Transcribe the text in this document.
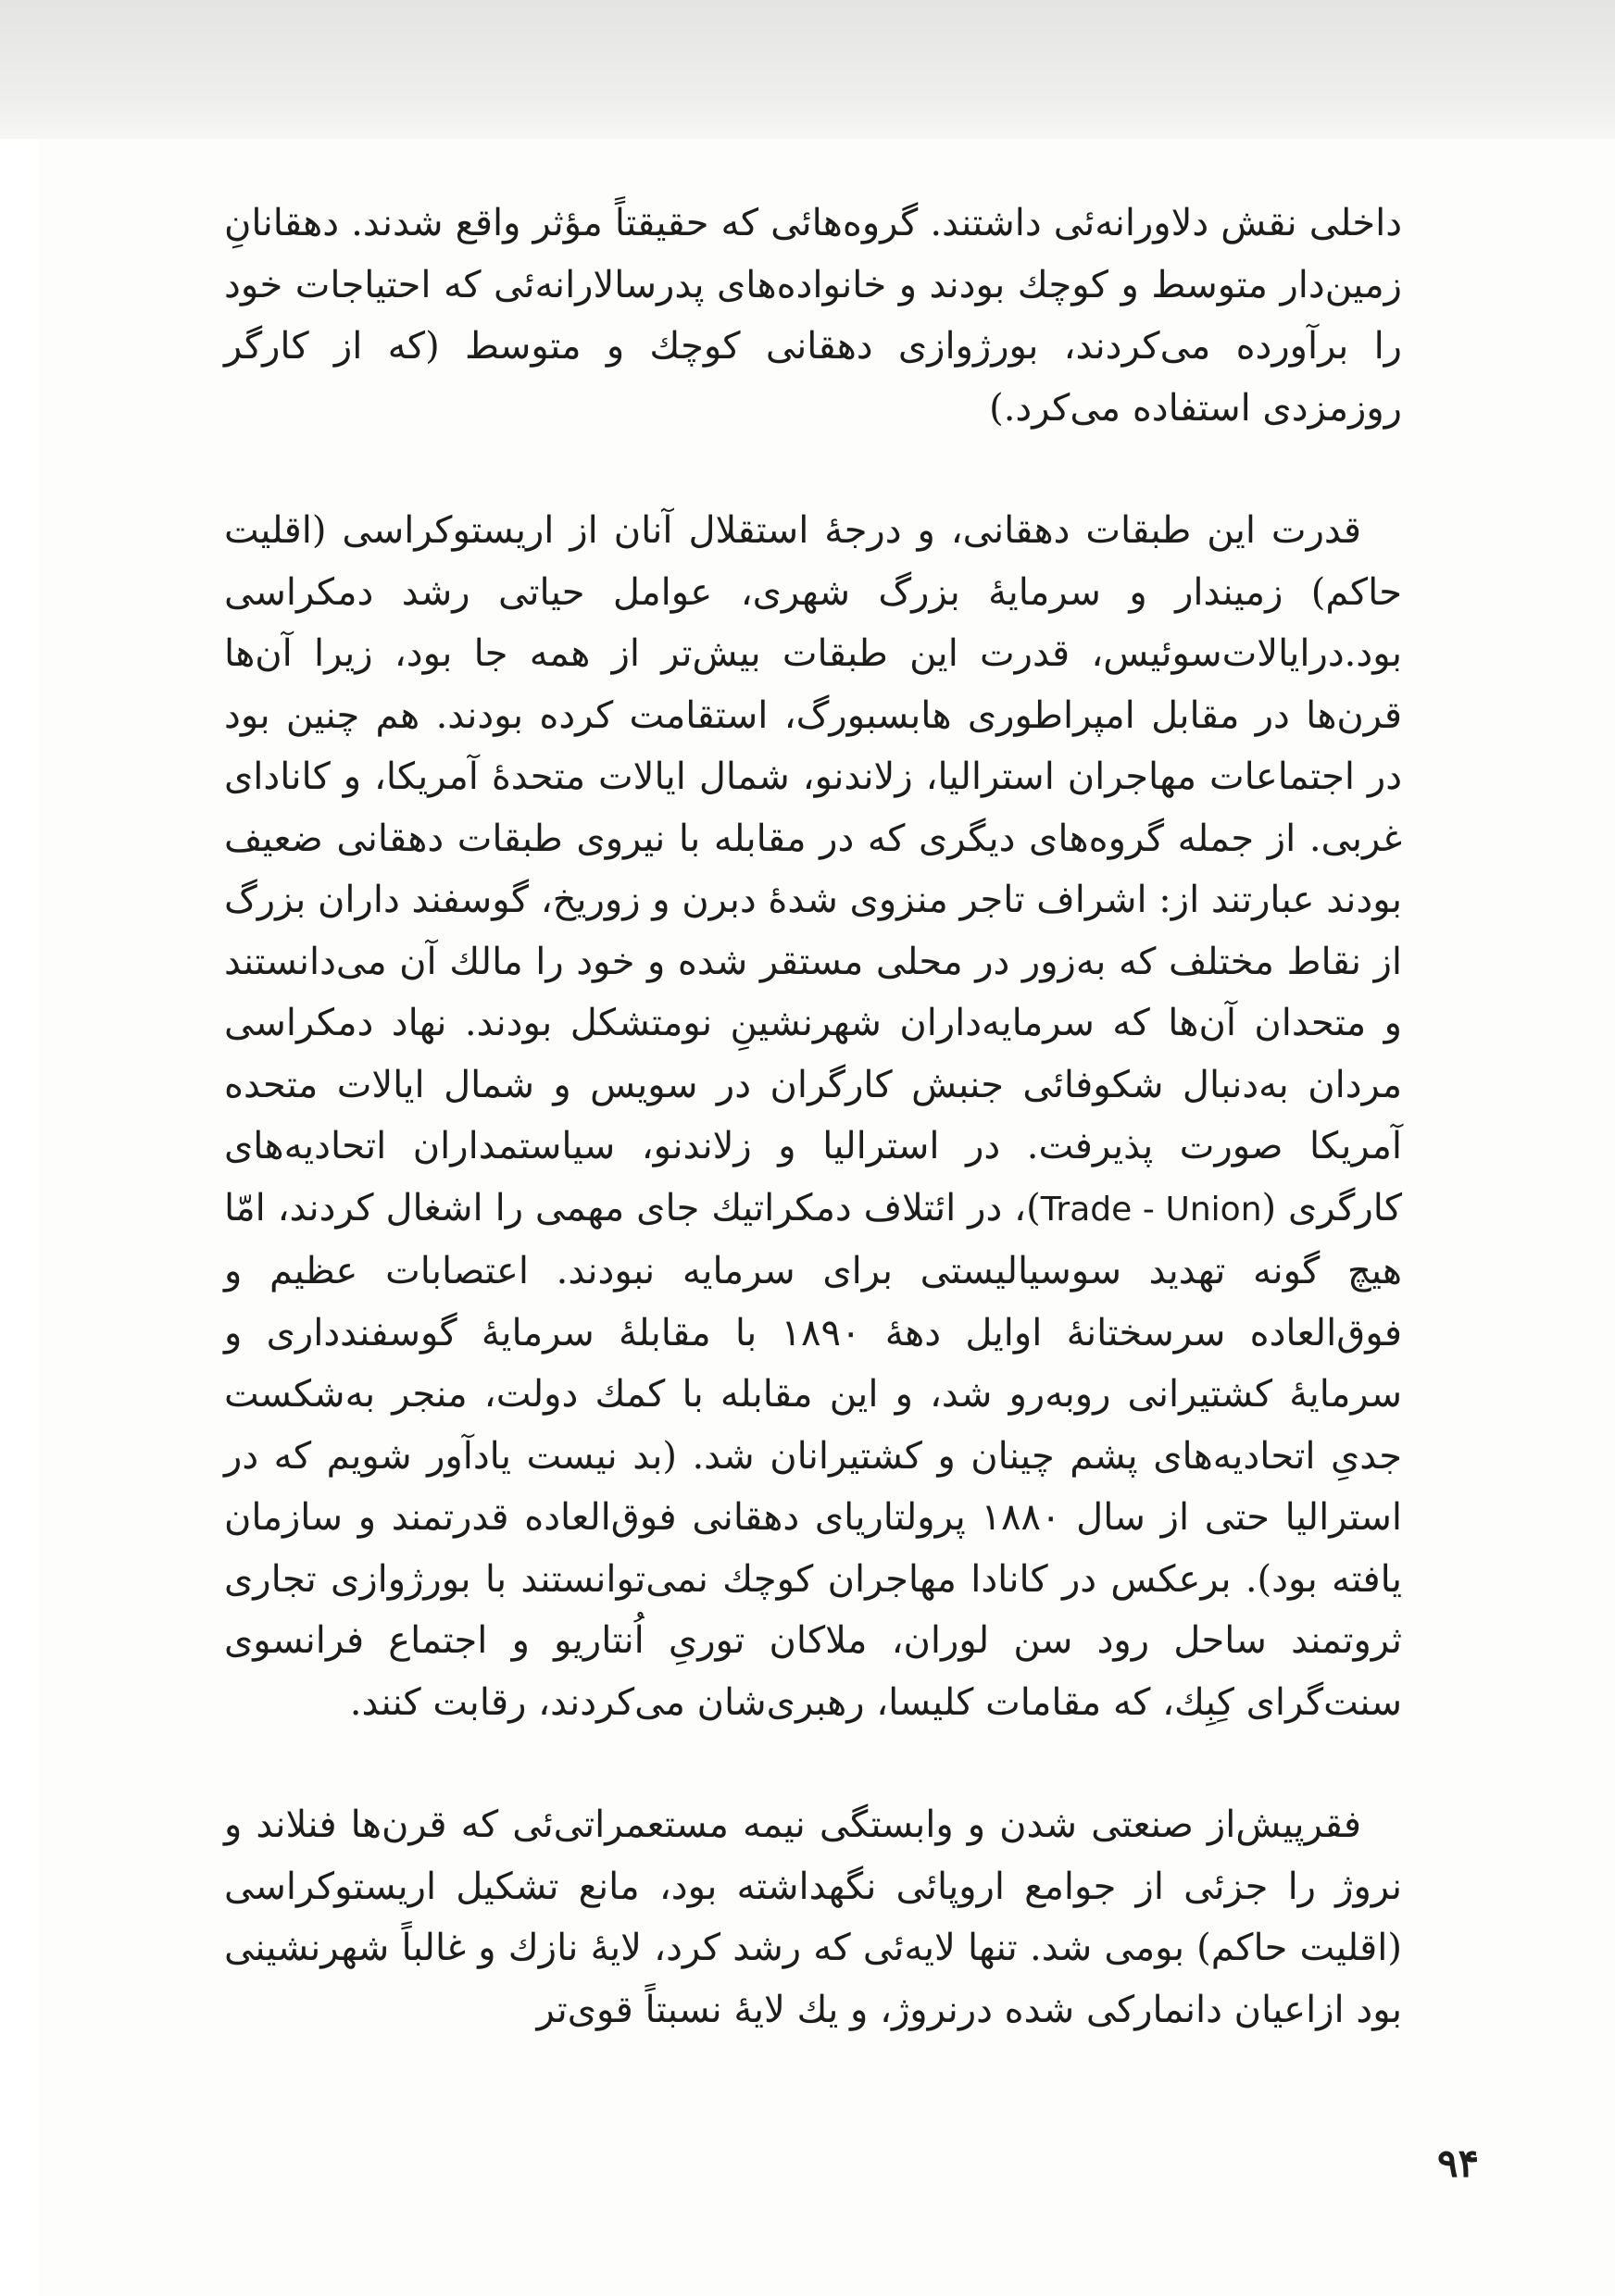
داخلی نقش دلاورانه‌ئی داشتند. گروه‌هائی که حقیقتاً مؤثر واقع شدند. دهقانانِ زمین‌دار متوسط و کوچك بودند و خانواده‌های پدرسالارانه‌ئی که احتیاجات خود را برآورده می‌کردند، بورژوازی دهقانی کوچك و متوسط (که از کارگر روزمزدی استفاده می‌کرد.)

قدرت این طبقات دهقانی، و درجهٔ استقلال آنان از اریستوکراسی (اقلیت حاکم) زمیندار و سرمایهٔ بزرگ شهری، عوامل حیاتی رشد دمکراسی بود.درایالات‌سوئیس، قدرت این طبقات بیش‌تر از همه جا بود، زیرا آن‌ها قرن‌ها در مقابل امپراطوری هابسبورگ، استقامت کرده بودند. هم چنین بود در اجتماعات مهاجران استرالیا، زلاندنو، شمال ایالات متحدهٔ آمریکا، و کانادای غربی. از جمله گروه‌های دیگری که در مقابله با نیروی طبقات دهقانی ضعیف بودند عبارتند از: اشراف تاجر منزوی شدهٔ دبرن و زوریخ، گوسفند داران بزرگ از نقاط مختلف که به‌زور در محلی مستقر شده و خود را مالك آن می‌دانستند و متحدان آن‌ها که سرمایه‌داران شهرنشینِ نومتشکل بودند. نهاد دمکراسی مردان به‌دنبال شکوفائی جنبش کارگران در سویس و شمال ایالات متحده آمریکا صورت پذیرفت. در استرالیا و زلاندنو، سیاستمداران اتحادیه‌های کارگری (Trade - Union)، در ائتلاف دمکراتیك جای مهمی را اشغال کردند، امّا هیچ گونه تهدید سوسیالیستی برای سرمایه نبودند. اعتصابات عظیم و فوق‌العاده سرسختانهٔ اوایل دههٔ ۱۸۹۰ با مقابلهٔ سرمایهٔ گوسفندداری و سرمایهٔ کشتیرانی روبه‌رو شد، و این مقابله با کمك دولت، منجر به‌شکست جدیِ اتحادیه‌های پشم چینان و کشتیرانان شد. (بد نیست یادآور شویم که در استرالیا حتی از سال ۱۸۸۰ پرولتاریای دهقانی فوق‌العاده قدرتمند و سازمان یافته بود). برعکس در کانادا مهاجران کوچك نمی‌توانستند با بورژوازی تجاری ثروتمند ساحل رود سن لوران، ملاکان توریِ اُنتاریو و اجتماع فرانسوی سنت‌گرای کِبِك، که مقامات کلیسا، رهبری‌شان می‌کردند، رقابت کنند.

فقرپیش‌از صنعتی شدن و وابستگی نیمه مستعمراتی‌ئی که قرن‌ها فنلاند و نروژ را جزئی از جوامع اروپائی نگهداشته بود، مانع تشکیل اریستوکراسی (اقلیت حاکم) بومی شد. تنها لایه‌ئی که رشد کرد، لایهٔ نازك و غالباً شهرنشینی بود ازاعیان دانمارکی شده درنروژ، و یك لایهٔ نسبتاً قوی‌تر

۹۴
